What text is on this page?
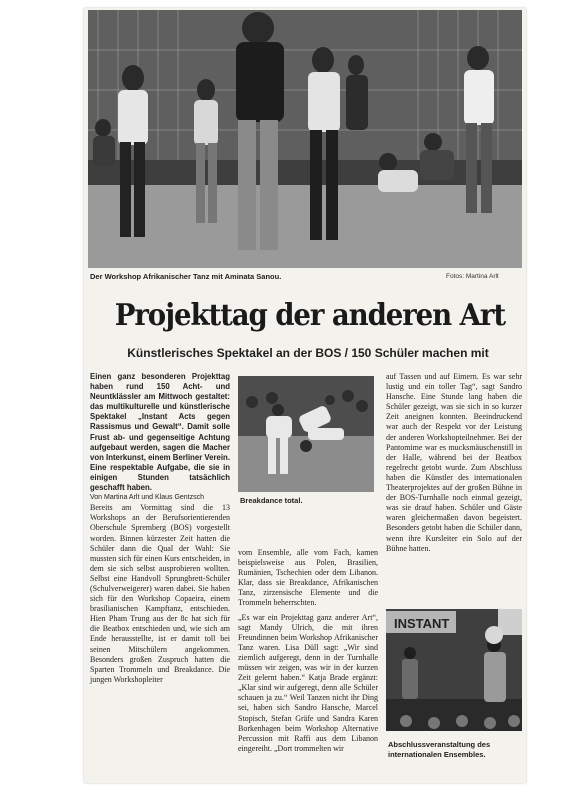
Der Workshop Afrikanischer Tanz mit Aminata Sanou.	Fotos: Martina Arlt
Projekttag der anderen Art
Künstlerisches Spektakel an der BOS / 150 Schüler machen mit

Einen ganz besonderen Projekttag haben rund 150 Acht- und Neuntklässler am Mittwoch gestaltet: das multikulturelle und künstlerische Spektakel „Instant Acts gegen Rassismus und Gewalt“. Damit solle Frust ab- und gegenseitige Achtung aufgebaut werden, sagen die Macher von Interkunst, einem Berliner Verein. Eine respektable Aufgabe, die sie in einigen Stunden tatsächlich geschafft haben.

Von Martina Arlt und Klaus Gentzsch

Bereits am Vormittag sind die 13 Workshops an der Berufsorientierenden Oberschule Spremberg (BOS) vorgestellt worden. Binnen kürzester Zeit hatten die Schüler dann die Qual der Wahl: Sie mussten sich für einen Kurs entscheiden, in dem sie sich selbst ausprobieren wollten. Selbst eine Handvoll Sprungbrett-Schüler (Schulverweigerer) waren dabei. Sie haben sich für den Workshop Copaeira, einem brasilianischen Kampftanz, entschieden. Hien Pham Trung aus der 8c hat sich für die Beatbox entschieden und, wie sich am Ende herausstellte, ist er damit toll bei seinen Mitschülern angekommen. Besonders großen Zuspruch hatten die Sparten Trommeln und Breakdance. Die jungen Workshopleiter

Breakdance total.

vom Ensemble, alle vom Fach, kamen beispielsweise aus Polen, Brasilien, Rumänien, Tschechien oder dem Libanon. Klar, dass sie Breakdance, Afrikanischen Tanz, zirzensische Elemente und die Trommeln beherrschten.

„Es war ein Projekttag ganz anderer Art“, sagt Mandy Ulrich, die mit ihren Freundinnen beim Workshop Afrikanischer Tanz waren. Lisa Düll sagt: „Wir sind ziemlich aufgeregt, denn in der Turnhalle müssen wir zeigen, was wir in der kurzen Zeit gelernt haben.“ Katja Brade ergänzt: „Klar sind wir aufgeregt, denn alle Schüler schauen ja zu.“ Weil Tanzen nicht ihr Ding sei, haben sich Sandro Hansche, Marcel Stopisch, Stefan Gräfe und Sandra Karen Borkenhagen beim Workshop Alternative Percussion mit Raffi aus dem Libanon eingereiht. „Dort trommelten wir

auf Tassen und auf Eimern. Es war sehr lustig und ein toller Tag“, sagt Sandro Hansche. Eine Stunde lang haben die Schüler gezeigt, was sie sich in so kurzer Zeit aneignen konnten. Beeindruckend war auch der Respekt vor der Leistung der anderen Workshopteilnehmer. Bei der Pantomime war es mucksmäuschenstill in der Halle, während bei der Beatbox regelrecht getobt wurde. Zum Abschluss haben die Künstler des internationalen Theaterprojektes auf der großen Bühne in der BOS-Turnhalle noch einmal gezeigt, was sie drauf haben. Schüler und Gäste waren gleichermaßen davon begeistert. Besonders getobt haben die Schüler dann, wenn ihre Kursleiter ein Solo auf der Bühne hatten.

INSTANT
Abschlussveranstaltung des internationalen Ensembles.
